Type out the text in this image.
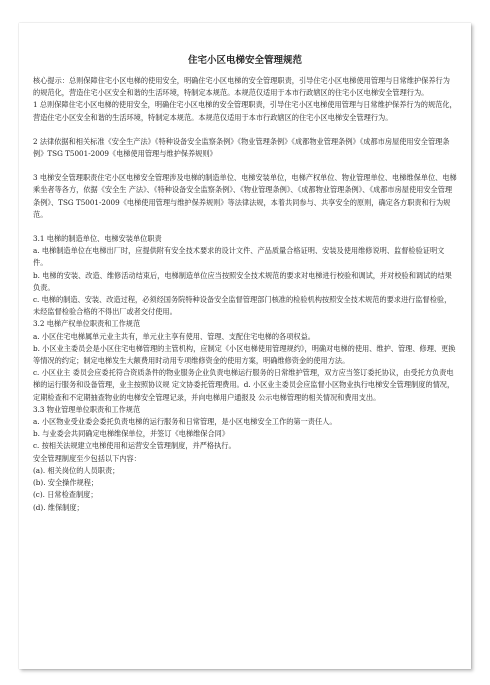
住宅小区电梯安全管理规范

核心提示：总则保障住宅小区电梯的使用安全，明确住宅小区电梯的安全管理职责，引导住宅小区电梯使用管理与日常维护保养行为的规范化，营造住宅小区安全和谐的生活环境，特制定本规范。本规范仅适用于本市行政辖区的住宅小区电梯安全管理行为。

1 总则保障住宅小区电梯的使用安全，明确住宅小区电梯的安全管理职责，引导住宅小区电梯使用管理与日常维护保养行为的规范化，营造住宅小区安全和谐的生活环境，特制定本规范。本规范仅适用于本市行政辖区的住宅小区电梯安全管理行为。

2 法律依据和相关标准《安全生产法》《特种设备安全监察条例》《物业管理条例》《成都物业管理条例》《成都市房屋使用安全管理条例》TSG T5001-2009《电梯使用管理与维护保养规则》

3 电梯安全管理职责住宅小区电梯安全管理涉及电梯的制造单位、电梯安装单位，电梯产权单位、物业管理单位、电梯维保单位、电梯乘坐者等各方，依据《安全生 产法》、《特种设备安全监察条例》、《物业管理条例》、《成都物业管理条例》、《成都市房屋使用安全管理条例》、TSG T5001-2009《电梯使用管理与维护保养规则》等法律法规，本着共同参与、共享安全的原则，确定各方职责和行为规范。

3.1 电梯的制造单位、电梯安装单位职责

a. 电梯制造单位在电梯出厂时，应提供附有安全技术要求的设计文件、产品质量合格证明、安装及使用维修说明、监督检验证明文件。

b. 电梯的安装、改造、维修活动结束后，电梯制造单位应当按照安全技术规范的要求对电梯进行校验和调试，并对校验和调试的结果负责。

c. 电梯的制造、安装、改造过程，必须经国务院特种设备安全监督管理部门核准的检验机构按照安全技术规范的要求进行监督检验，未经监督检验合格的不得出厂或者交付使用。

3.2 电梯产权单位职责和工作规范

a. 小区住宅电梯属单元业主共有，单元业主享有使用、管理、支配住宅电梯的各项权益。

b. 小区业主委员会是小区住宅电梯管理的主管机构，应制定《小区电梯使用管理规约》，明确对电梯的使用、维护、管理、修理、更换等情况的约定；制定电梯发生大额费用时动用专项维修资金的使用方案，明确维修资金的使用方法。

c. 小区业主 委员会应委托符合资质条件的物业服务企业负责电梯运行服务的日常维护管理，双方应当签订委托协议，由受托方负责电梯的运行服务和设备管理，业主按照协议规 定文协委托管理费用。d. 小区业主委员会应监督小区物业执行电梯安全管理制度的情况，定期检查和不定期抽查物业的电梯安全管理记录，并向电梯用户通报及 公示电梯管理的相关情况和费用支出。

3.3 物业管理单位职责和工作规范

a. 小区物业受业委会委托负责电梯的运行服务和日常管理，是小区电梯安全工作的第一责任人。

b. 与业委会共同确定电梯维保单位，并签订《电梯维保合同》

c. 按相关法规建立电梯使用和运营安全管理制度，并严格执行。

安全管理制度至少包括以下内容：

(a). 相关岗位的人员职责；

(b). 安全操作规程；

(c). 日常检查制度；

(d). 维保制度；
